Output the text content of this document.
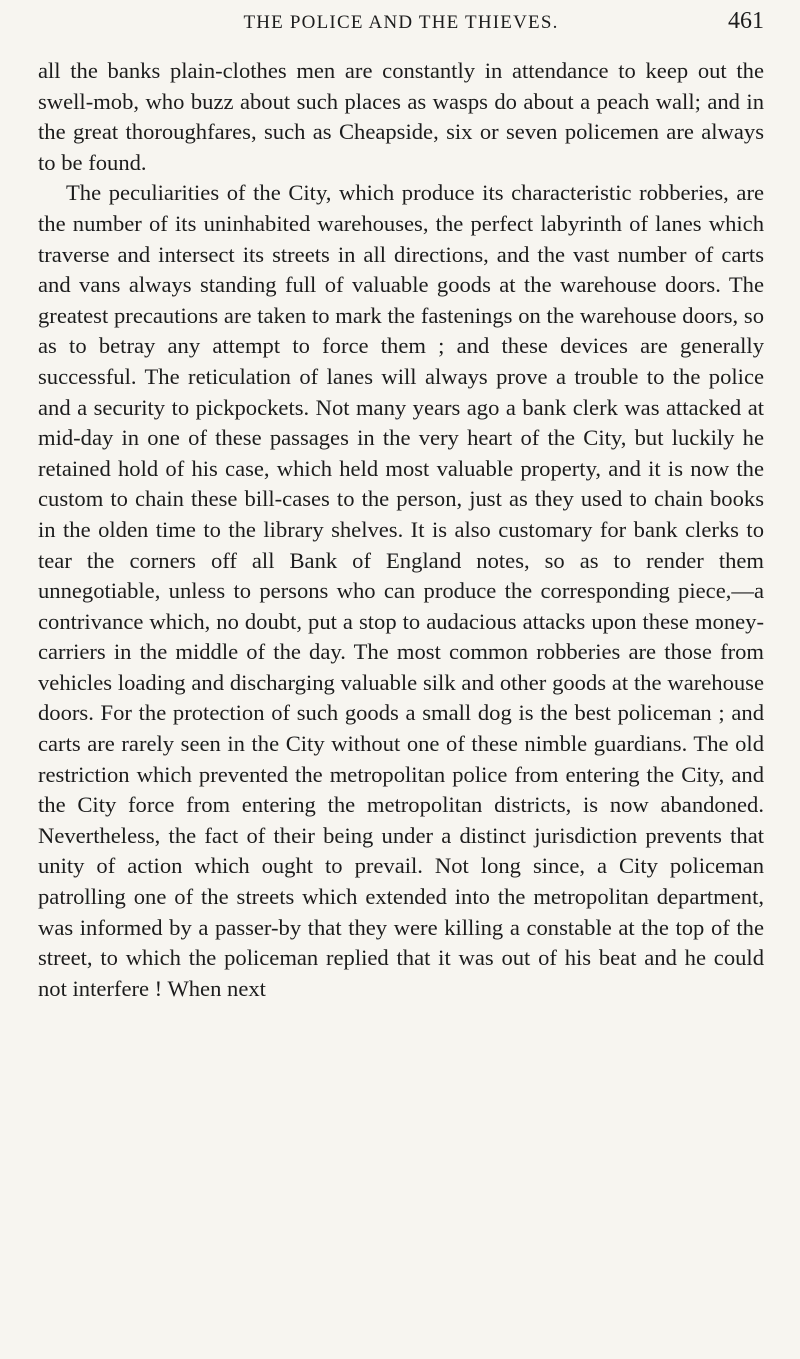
THE POLICE AND THE THIEVES.	461

all the banks plain-clothes men are constantly in attendance to keep out the swell-mob, who buzz about such places as wasps do about a peach wall; and in the great thoroughfares, such as Cheapside, six or seven policemen are always to be found.

The peculiarities of the City, which produce its characteristic robberies, are the number of its uninhabited warehouses, the perfect labyrinth of lanes which traverse and intersect its streets in all directions, and the vast number of carts and vans always standing full of valuable goods at the warehouse doors. The greatest precautions are taken to mark the fastenings on the warehouse doors, so as to betray any attempt to force them ; and these devices are generally successful. The reticulation of lanes will always prove a trouble to the police and a security to pickpockets. Not many years ago a bank clerk was attacked at mid-day in one of these passages in the very heart of the City, but luckily he retained hold of his case, which held most valuable property, and it is now the custom to chain these bill-cases to the person, just as they used to chain books in the olden time to the library shelves. It is also customary for bank clerks to tear the corners off all Bank of England notes, so as to render them unnegotiable, unless to persons who can produce the corresponding piece,—a contrivance which, no doubt, put a stop to audacious attacks upon these money-carriers in the middle of the day. The most common robberies are those from vehicles loading and discharging valuable silk and other goods at the warehouse doors. For the protection of such goods a small dog is the best policeman ; and carts are rarely seen in the City without one of these nimble guardians. The old restriction which prevented the metropolitan police from entering the City, and the City force from entering the metropolitan districts, is now abandoned. Nevertheless, the fact of their being under a distinct jurisdiction prevents that unity of action which ought to prevail. Not long since, a City policeman patrolling one of the streets which extended into the metropolitan department, was informed by a passer-by that they were killing a constable at the top of the street, to which the policeman replied that it was out of his beat and he could not interfere ! When next
